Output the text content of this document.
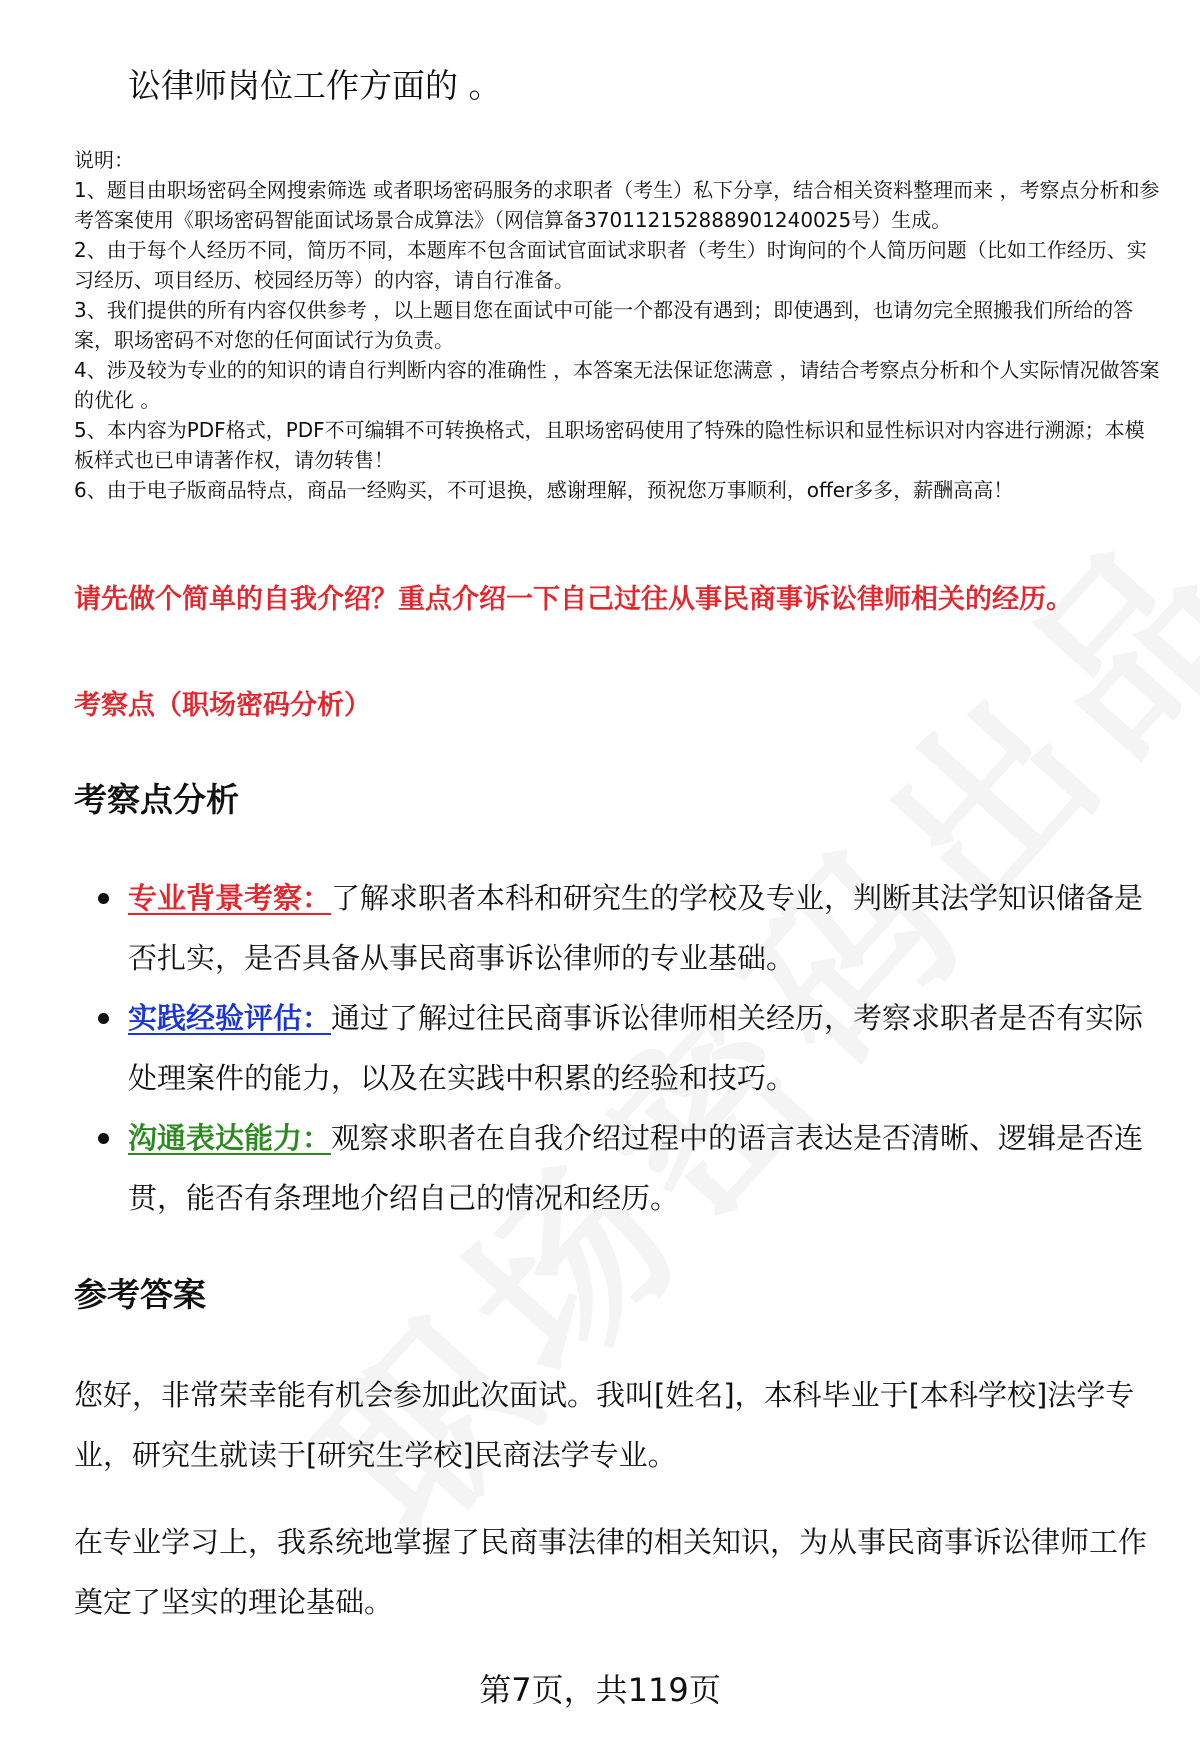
讼律师岗位工作方面的 。

说明：

1、题目由职场密码全网搜索筛选 或者职场密码服务的求职者（考生）私下分享，结合相关资料整理而来 ，考察点分析和参考答案使用《职场密码智能面试场景合成算法》（网信算备370112152888901240025号）生成。

2、由于每个人经历不同，简历不同，本题库不包含面试官面试求职者（考生）时询问的个人简历问题（比如工作经历、实习经历、项目经历、校园经历等）的内容，请自行准备。

3、我们提供的所有内容仅供参考 ，以上题目您在面试中可能一个都没有遇到；即使遇到，也请勿完全照搬我们所给的答案，职场密码不对您的任何面试行为负责。

4、涉及较为专业的的知识的请自行判断内容的准确性 ，本答案无法保证您满意 ，请结合考察点分析和个人实际情况做答案的优化 。

5、本内容为PDF格式，PDF不可编辑不可转换格式，且职场密码使用了特殊的隐性标识和显性标识对内容进行溯源；本模板样式也已申请著作权，请勿转售！

6、由于电子版商品特点，商品一经购买，不可退换，感谢理解，预祝您万事顺利，offer多多，薪酬高高！

请先做个简单的自我介绍？重点介绍一下自己过往从事民商事诉讼律师相关的经历。
考察点（职场密码分析）
考察点分析
专业背景考察：了解求职者本科和研究生的学校及专业，判断其法学知识储备是否扎实，是否具备从事民商事诉讼律师的专业基础。
实践经验评估：通过了解过往民商事诉讼律师相关经历，考察求职者是否有实际处理案件的能力，以及在实践中积累的经验和技巧。
沟通表达能力：观察求职者在自我介绍过程中的语言表达是否清晰、逻辑是否连贯，能否有条理地介绍自己的情况和经历。
参考答案

您好，非常荣幸能有机会参加此次面试。我叫[姓名]，本科毕业于[本科学校]法学专业，研究生就读于[研究生学校]民商法学专业。

在专业学习上，我系统地掌握了民商事法律的相关知识，为从事民商事诉讼律师工作奠定了坚实的理论基础。

第7页，共119页
